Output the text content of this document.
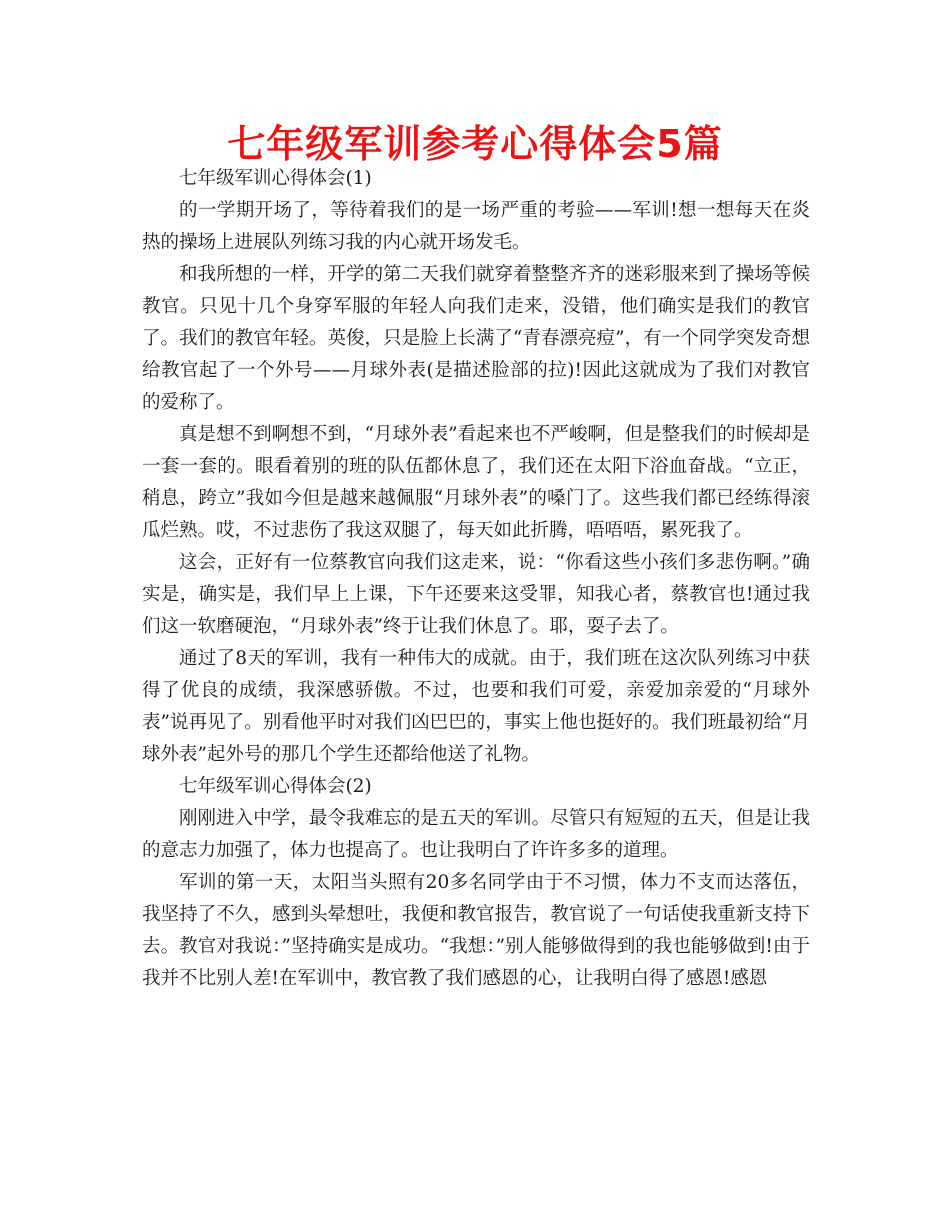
七年级军训参考心得体会5篇

七年级军训心得体会(1)

的一学期开场了，等待着我们的是一场严重的考验——军训!想一想每天在炎热的操场上进展队列练习我的内心就开场发毛。

和我所想的一样，开学的第二天我们就穿着整整齐齐的迷彩服来到了操场等候教官。只见十几个身穿军服的年轻人向我们走来，没错，他们确实是我们的教官了。我们的教官年轻。英俊，只是脸上长满了“青春漂亮痘”，有一个同学突发奇想给教官起了一个外号——月球外表(是描述脸部的拉)!因此这就成为了我们对教官的爱称了。

真是想不到啊想不到，“月球外表”看起来也不严峻啊，但是整我们的时候却是一套一套的。眼看着别的班的队伍都休息了，我们还在太阳下浴血奋战。“立正，稍息，跨立”我如今但是越来越佩服“月球外表”的嗓门了。这些我们都已经练得滚瓜烂熟。哎，不过悲伤了我这双腿了，每天如此折腾，唔唔唔，累死我了。

这会，正好有一位蔡教官向我们这走来，说：“你看这些小孩们多悲伤啊。”确实是，确实是，我们早上上课，下午还要来这受罪，知我心者，蔡教官也!通过我们这一软磨硬泡，“月球外表”终于让我们休息了。耶，耍子去了。

通过了8天的军训，我有一种伟大的成就。由于，我们班在这次队列练习中获得了优良的成绩，我深感骄傲。不过，也要和我们可爱，亲爱加亲爱的“月球外表”说再见了。别看他平时对我们凶巴巴的，事实上他也挺好的。我们班最初给“月球外表”起外号的那几个学生还都给他送了礼物。

七年级军训心得体会(2)

刚刚进入中学，最令我难忘的是五天的军训。尽管只有短短的五天，但是让我的意志力加强了，体力也提高了。也让我明白了许许多多的道理。

军训的第一天，太阳当头照有20多名同学由于不习惯，体力不支而达落伍，我坚持了不久，感到头晕想吐，我便和教官报告，教官说了一句话使我重新支持下去。教官对我说：”坚持确实是成功。“我想：”别人能够做得到的我也能够做到!由于我并不比别人差!在军训中，教官教了我们感恩的心，让我明白得了感恩!感恩
